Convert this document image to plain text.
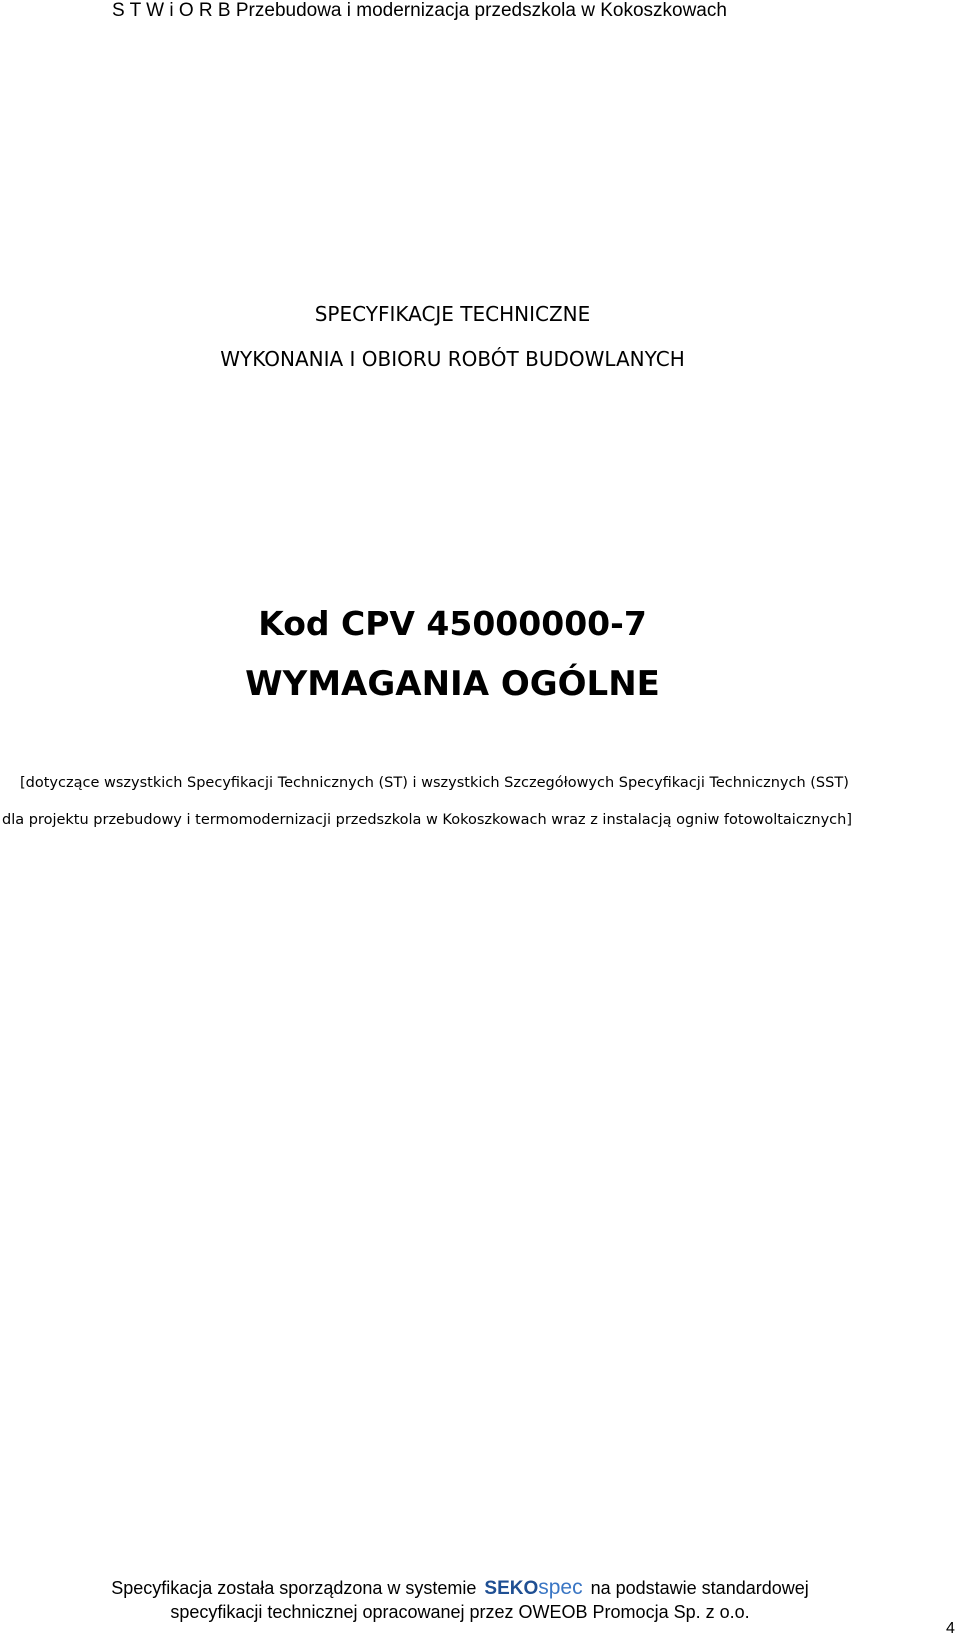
S T W i O R B Przebudowa i modernizacja przedszkola w Kokoszkowach
SPECYFIKACJE TECHNICZNE
WYKONANIA I OBIORU ROBÓT BUDOWLANYCH
Kod CPV 45000000-7
WYMAGANIA OGÓLNE
[dotyczące wszystkich Specyfikacji Technicznych (ST) i wszystkich Szczegółowych Specyfikacji Technicznych (SST)
dla projektu przebudowy i termomodernizacji przedszkola w Kokoszkowach wraz z instalacją ogniw fotowoltaicznych]
Specyfikacja została sporządzona w systemie SEKOspec na podstawie standardowej
specyfikacji technicznej opracowanej przez OWEOB Promocja Sp. z o.o.
4
